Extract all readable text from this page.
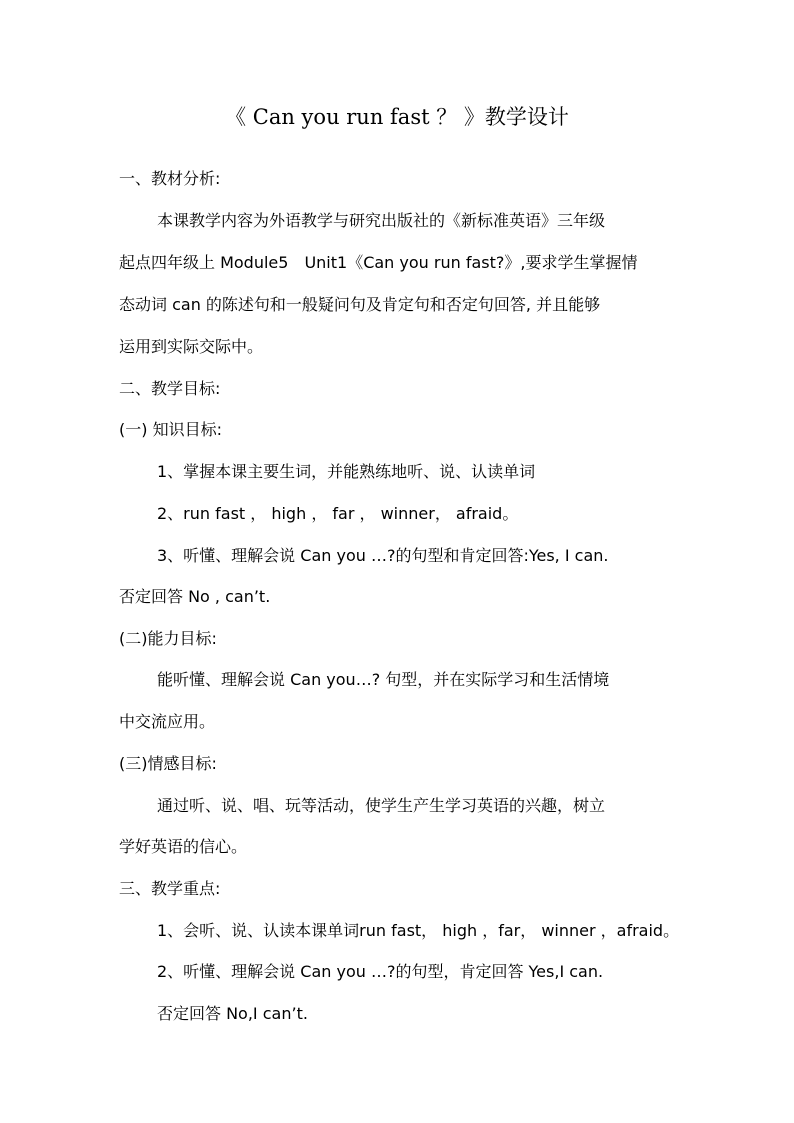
《 Can you run fast ？ 》教学设计
一、教材分析:
本课教学内容为外语教学与研究出版社的《新标准英语》三年级
起点四年级上 Module5　Unit1《Can you run fast?》,要求学生掌握情
态动词 can 的陈述句和一般疑问句及肯定句和否定句回答, 并且能够
运用到实际交际中。
二、教学目标:
(一) 知识目标:
1、掌握本课主要生词，并能熟练地听、说、认读单词
2、run fast ， high ， far ， winner， afraid。
3、听懂、理解会说 Can you …?的句型和肯定回答:Yes, I can.
否定回答 No , can’t.
(二)能力目标:
能听懂、理解会说 Can you…? 句型，并在实际学习和生活情境
中交流应用。
(三)情感目标:
通过听、说、唱、玩等活动，使学生产生学习英语的兴趣，树立
学好英语的信心。
三、教学重点:
1、会听、说、认读本课单词run fast， high ，far， winner ，afraid。
2、听懂、理解会说 Can you …?的句型，肯定回答 Yes,I can.
否定回答 No,I can’t.
